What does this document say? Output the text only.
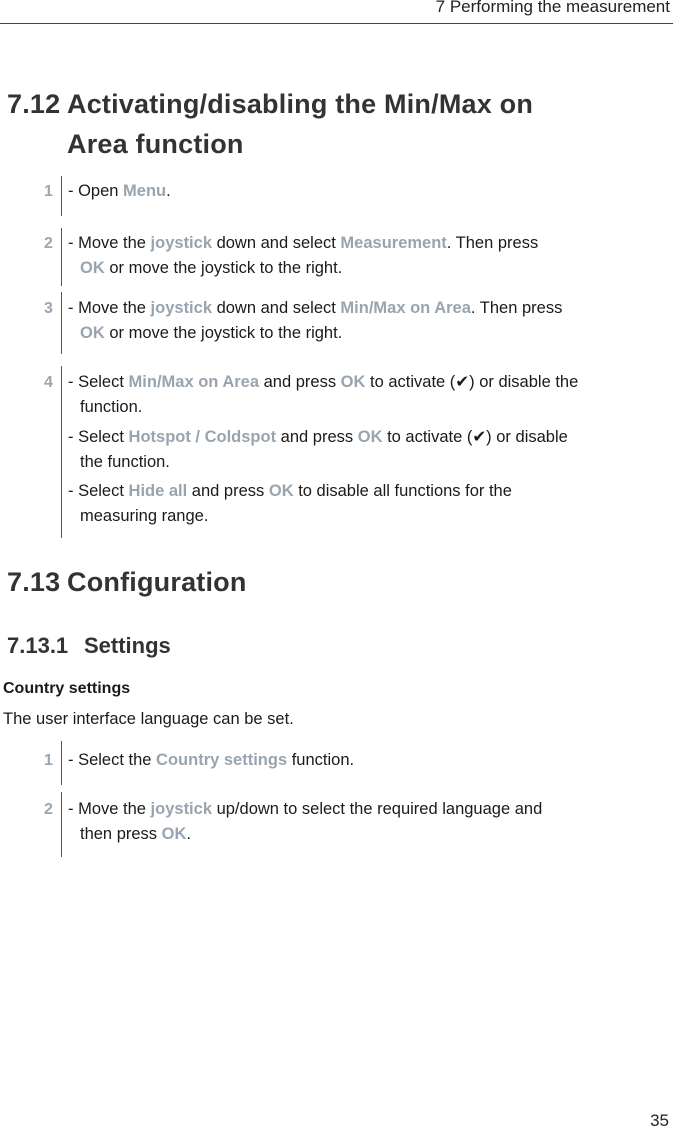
7 Performing the measurement
7.12 Activating/disabling the Min/Max on
Area function
1 - Open Menu.
2 - Move the joystick down and select Measurement. Then press
OK or move the joystick to the right.
3 - Move the joystick down and select Min/Max on Area. Then press
OK or move the joystick to the right.
4 - Select Min/Max on Area and press OK to activate (✔) or disable the
function.
- Select Hotspot / Coldspot and press OK to activate (✔) or disable
the function.
- Select Hide all and press OK to disable all functions for the
measuring range.
7.13 Configuration
7.13.1 Settings
Country settings
The user interface language can be set.
1 - Select the Country settings function.
2 - Move the joystick up/down to select the required language and
then press OK.
35
